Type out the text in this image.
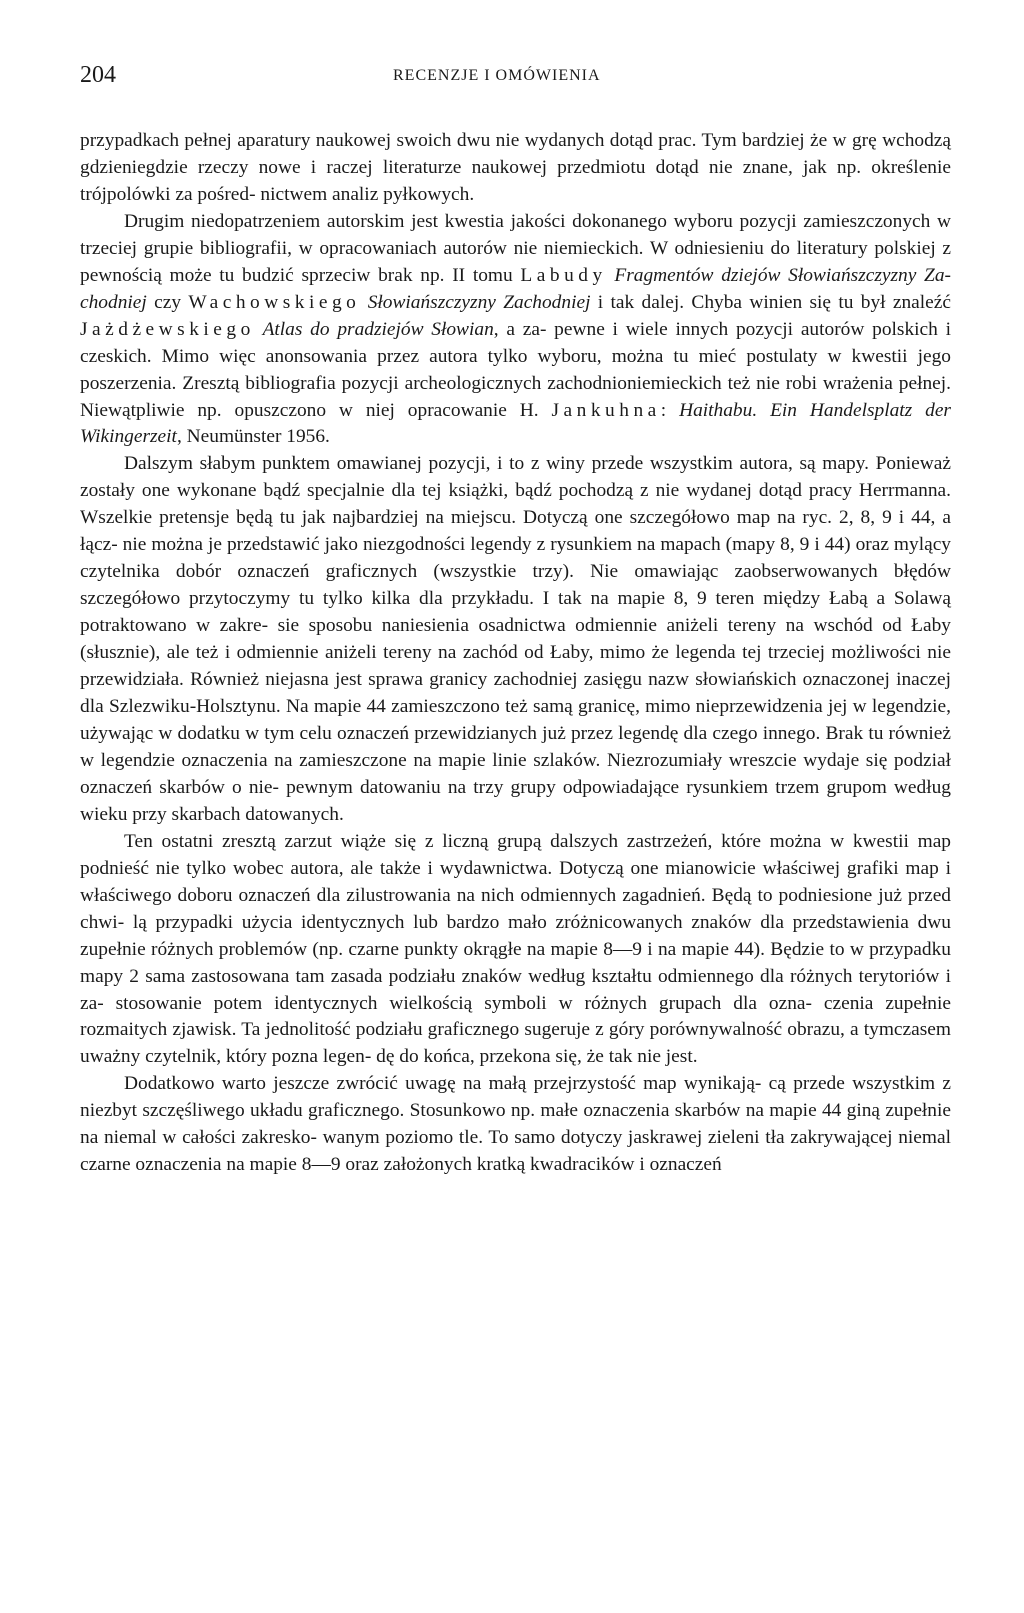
204	RECENZJE I OMÓWIENIA

przypadkach pełnej aparatury naukowej swoich dwu nie wydanych dotąd prac. Tym bardziej że w grę wchodzą gdzieniegdzie rzeczy nowe i raczej literaturze naukowej przedmiotu dotąd nie znane, jak np. określenie trójpolówki za pośred- nictwem analiz pyłkowych.

Drugim niedopatrzeniem autorskim jest kwestia jakości dokonanego wyboru pozycji zamieszczonych w trzeciej grupie bibliografii, w opracowaniach autorów nie niemieckich. W odniesieniu do literatury polskiej z pewnością może tu budzić sprzeciw brak np. II tomu Labudy Fragmentów dziejów Słowiańszczyzny Za- chodniej czy Wachowskiego Słowiańszczyzny Zachodniej i tak dalej. Chyba winien się tu był znaleźć Jażdżewskiego Atlas do pradziejów Słowian, a za- pewne i wiele innych pozycji autorów polskich i czeskich. Mimo więc anonsowania przez autora tylko wyboru, można tu mieć postulaty w kwestii jego poszerzenia. Zresztą bibliografia pozycji archeologicznych zachodnioniemieckich też nie robi wrażenia pełnej. Niewątpliwie np. opuszczono w niej opracowanie H. Jankuhna: Haithabu. Ein Handelsplatz der Wikingerzeit, Neumünster 1956.

Dalszym słabym punktem omawianej pozycji, i to z winy przede wszystkim autora, są mapy. Ponieważ zostały one wykonane bądź specjalnie dla tej książki, bądź pochodzą z nie wydanej dotąd pracy Herrmanna. Wszelkie pretensje będą tu jak najbardziej na miejscu. Dotyczą one szczegółowo map na ryc. 2, 8, 9 i 44, a łącz- nie można je przedstawić jako niezgodności legendy z rysunkiem na mapach (mapy 8, 9 i 44) oraz mylący czytelnika dobór oznaczeń graficznych (wszystkie trzy). Nie omawiając zaobserwowanych błędów szczegółowo przytoczymy tu tylko kilka dla przykładu. I tak na mapie 8, 9 teren między Łabą a Solawą potraktowano w zakre- sie sposobu naniesienia osadnictwa odmiennie aniżeli tereny na wschód od Łaby (słusznie), ale też i odmiennie aniżeli tereny na zachód od Łaby, mimo że legenda tej trzeciej możliwości nie przewidziała. Również niejasna jest sprawa granicy zachodniej zasięgu nazw słowiańskich oznaczonej inaczej dla Szlezwiku-Holsztynu. Na mapie 44 zamieszczono też samą granicę, mimo nieprzewidzenia jej w legendzie, używając w dodatku w tym celu oznaczeń przewidzianych już przez legendę dla czego innego. Brak tu również w legendzie oznaczenia na zamieszczone na mapie linie szlaków. Niezrozumiały wreszcie wydaje się podział oznaczeń skarbów o nie- pewnym datowaniu na trzy grupy odpowiadające rysunkiem trzem grupom według wieku przy skarbach datowanych.

Ten ostatni zresztą zarzut wiąże się z liczną grupą dalszych zastrzeżeń, które można w kwestii map podnieść nie tylko wobec autora, ale także i wydawnictwa. Dotyczą one mianowicie właściwej grafiki map i właściwego doboru oznaczeń dla zilustrowania na nich odmiennych zagadnień. Będą to podniesione już przed chwi- lą przypadki użycia identycznych lub bardzo mało zróżnicowanych znaków dla przedstawienia dwu zupełnie różnych problemów (np. czarne punkty okrągłe na mapie 8—9 i na mapie 44). Będzie to w przypadku mapy 2 sama zastosowana tam zasada podziału znaków według kształtu odmiennego dla różnych terytoriów i za- stosowanie potem identycznych wielkością symboli w różnych grupach dla ozna- czenia zupełnie rozmaitych zjawisk. Ta jednolitość podziału graficznego sugeruje z góry porównywalność obrazu, a tymczasem uważny czytelnik, który pozna legen- dę do końca, przekona się, że tak nie jest.

Dodatkowo warto jeszcze zwrócić uwagę na małą przejrzystość map wynikają- cą przede wszystkim z niezbyt szczęśliwego układu graficznego. Stosunkowo np. małe oznaczenia skarbów na mapie 44 giną zupełnie na niemal w całości zakresko- wanym poziomo tle. To samo dotyczy jaskrawej zieleni tła zakrywającej niemal czarne oznaczenia na mapie 8—9 oraz założonych kratką kwadracików i oznaczeń
